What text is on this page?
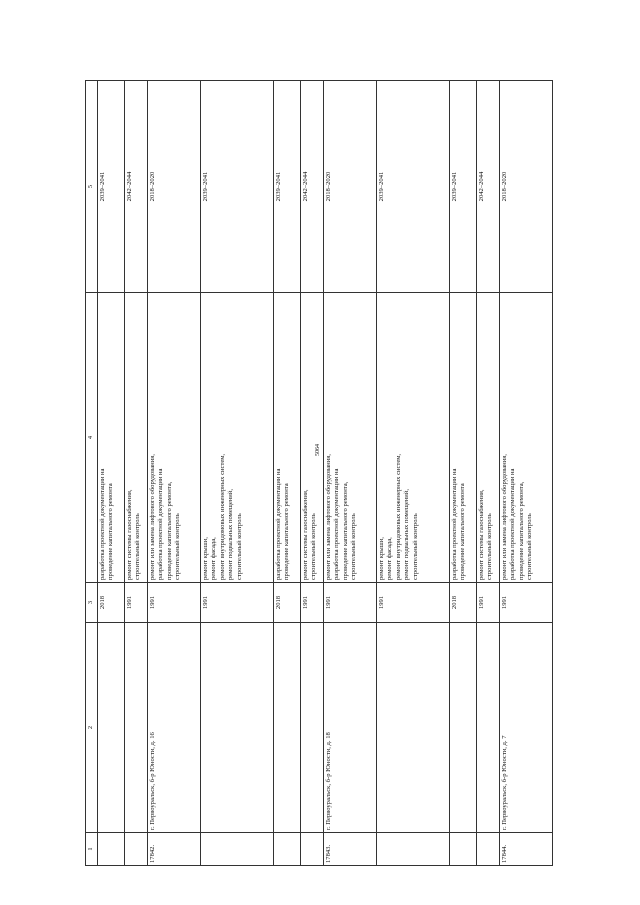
5064
1	2	3	4	5
		2018	разработка проектной документации на
проведение капитального ремонта	2039–2041
		1991	ремонт системы газоснабжения,
строительный контроль	2042–2044
17842.	г. Первоуральск, б-р Юности, д. 16	1991	ремонт или замена лифтового оборудования,
разработка проектной документации на
проведение капитального ремонта,
строительный контроль	2018–2020
		1991	ремонт крыши,
ремонт фасада,
ремонт внутридомовых инженерных систем,
ремонт подвальных помещений,
строительный контроль	2039–2041
		2018	разработка проектной документации на
проведение капитального ремонта	2039–2041
		1991	ремонт системы газоснабжения,
строительный контроль	2042–2044
17843.	г. Первоуральск, б-р Юности, д. 18	1991	ремонт или замена лифтового оборудования,
разработка проектной документации на
проведение капитального ремонта,
строительный контроль	2018–2020
		1991	ремонт крыши,
ремонт фасада,
ремонт внутридомовых инженерных систем,
ремонт подвальных помещений,
строительный контроль	2039–2041
		2018	разработка проектной документации на
проведение капитального ремонта	2039–2041
		1991	ремонт системы газоснабжения,
строительный контроль	2042–2044
17844.	г. Первоуральск, б-р Юности, д. 7	1991	ремонт или замена лифтового оборудования,
разработка проектной документации на
проведение капитального ремонта,
строительный контроль	2018–2020
